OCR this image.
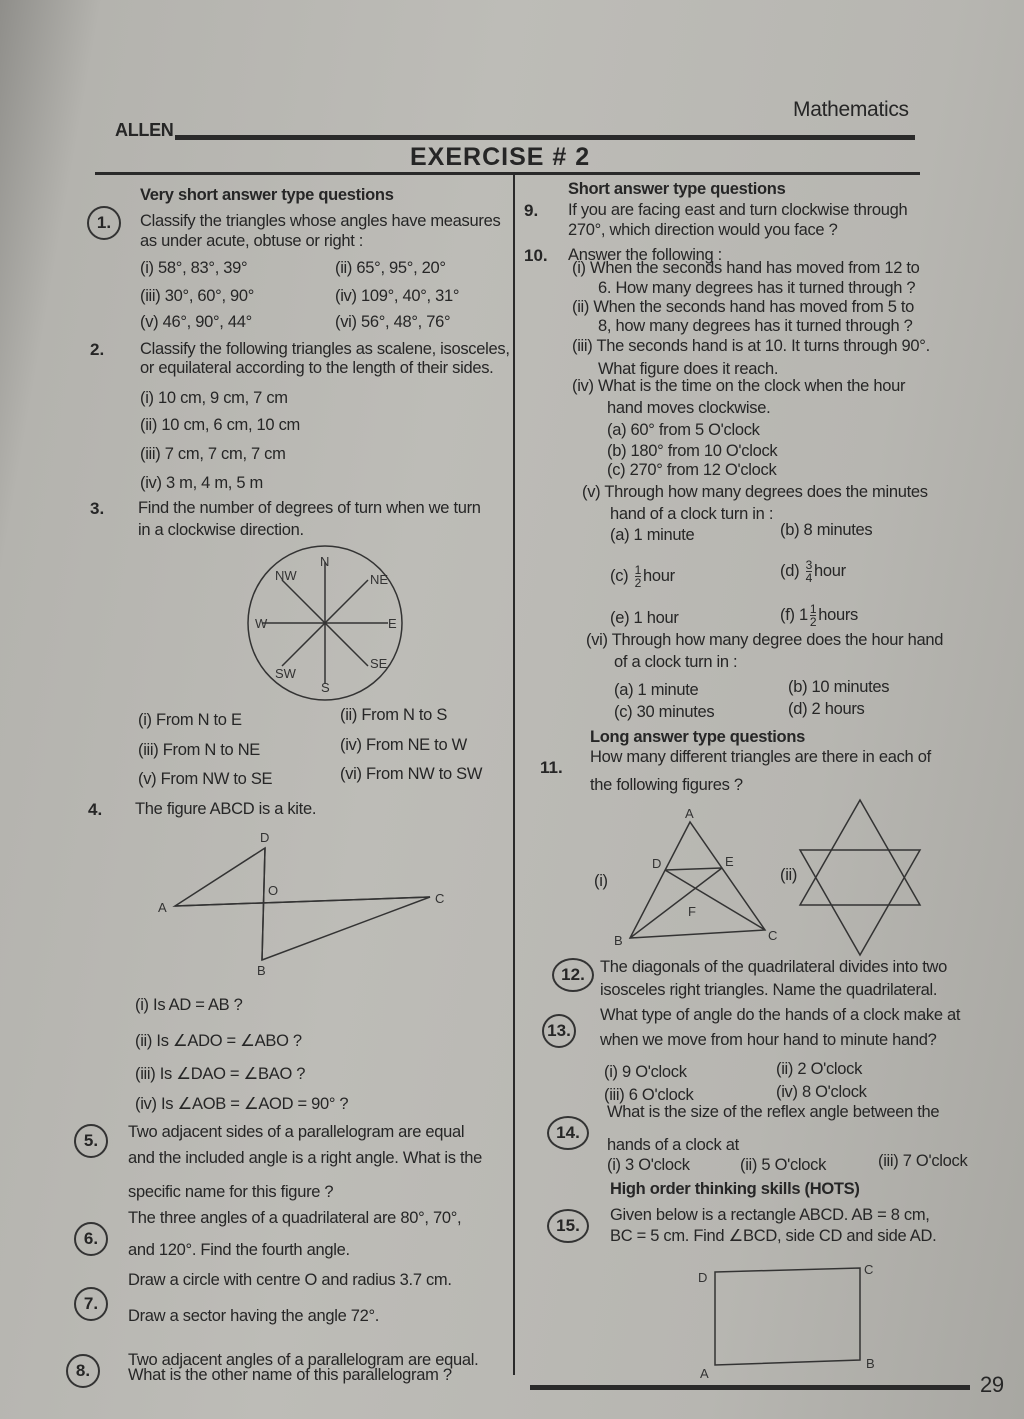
ALLEN
Mathematics
EXERCISE # 2
Very short answer type questions
1.	Classify the triangles whose angles have measures
as under acute, obtuse or right :
(i) 58°, 83°, 39°	(ii) 65°, 95°, 20°
(iii) 30°, 60°, 90°	(iv) 109°, 40°, 31°
(v) 46°, 90°, 44°	(vi) 56°, 48°, 76°
2. Classify the following triangles as scalene, isosceles,
or equilateral according to the length of their sides.
(i) 10 cm, 9 cm, 7 cm
(ii) 10 cm, 6 cm, 10 cm
(iii) 7 cm, 7 cm, 7 cm
(iv) 3 m, 4 m, 5 m
3. Find the number of degrees of turn when we turn
in a clockwise direction.
N
NE
E
SE
S
SW
W
NW
D
A
C
B
O
A
B	C
D	E
F
D
C
A
B
(i) From N to E	(ii) From N to S
(iii) From N to NE	(iv) From NE to W
(v) From NW to SE	(vi) From NW to SW
4. The figure ABCD is a kite.
(i) Is AD = AB ?
(ii) Is ∠ADO = ∠ABO ?
(iii) Is ∠DAO = ∠BAO ?
(iv) Is ∠AOB = ∠AOD = 90° ?
5.	Two adjacent sides of a parallelogram are equal
and the included angle is a right angle. What is the
specific name for this figure ?
6.
The three angles of a quadrilateral are 80°, 70°,
and 120°. Find the fourth angle.
7.
Draw a circle with centre O and radius 3.7 cm.
Draw a sector having the angle 72°.
8.
Two adjacent angles of a parallelogram are equal.
What is the other name of this parallelogram ?
Short answer type questions
9. If you are facing east and turn clockwise through
270°, which direction would you face ?
10. Answer the following :
(i) When the seconds hand has moved from 12 to
6. How many degrees has it turned through ?
(ii) When the seconds hand has moved from 5 to
8, how many degrees has it turned through ?
(iii) The seconds hand is at 10. It turns through 90°.
What figure does it reach.
(iv) What is the time on the clock when the hour
hand moves clockwise.
(a) 60° from 5 O'clock
(b) 180° from 10 O'clock
(c) 270° from 12 O'clock
(v) Through how many degrees does the minutes
hand of a clock turn in :
(a) 1 minute	(b) 8 minutes
$(c) \frac{1}{2}$ hour	$(d) \frac{3}{4}$ hour
(e) 1 hour	(f) $1 \frac{1}{2}$ hours
(vi) Through how many degree does the hour hand
of a clock turn in :
(a) 1 minute	(b) 10 minutes
(c) 30 minutes	(d) 2 hours
Long answer type questions
11.
How many different triangles are there in each of
the following figures ?
(i)	(ii)
12. The diagonals of the quadrilateral divides into two
isosceles right triangles. Name the quadrilateral.
13.
What type of angle do the hands of a clock make at
when we move from hour hand to minute hand?
(i) 9 O'clock	(ii) 2 O'clock
(iii) 6 O'clock	(iv) 8 O'clock
14.
What is the size of the reflex angle between the
hands of a clock at
(i) 3 O'clock	(ii) 5 O'clock	(iii) 7 O'clock
High order thinking skills (HOTS)
15.
Given below is a rectangle ABCD. AB = 8 cm,
BC = 5 cm. Find ∠BCD, side CD and side AD.
29
